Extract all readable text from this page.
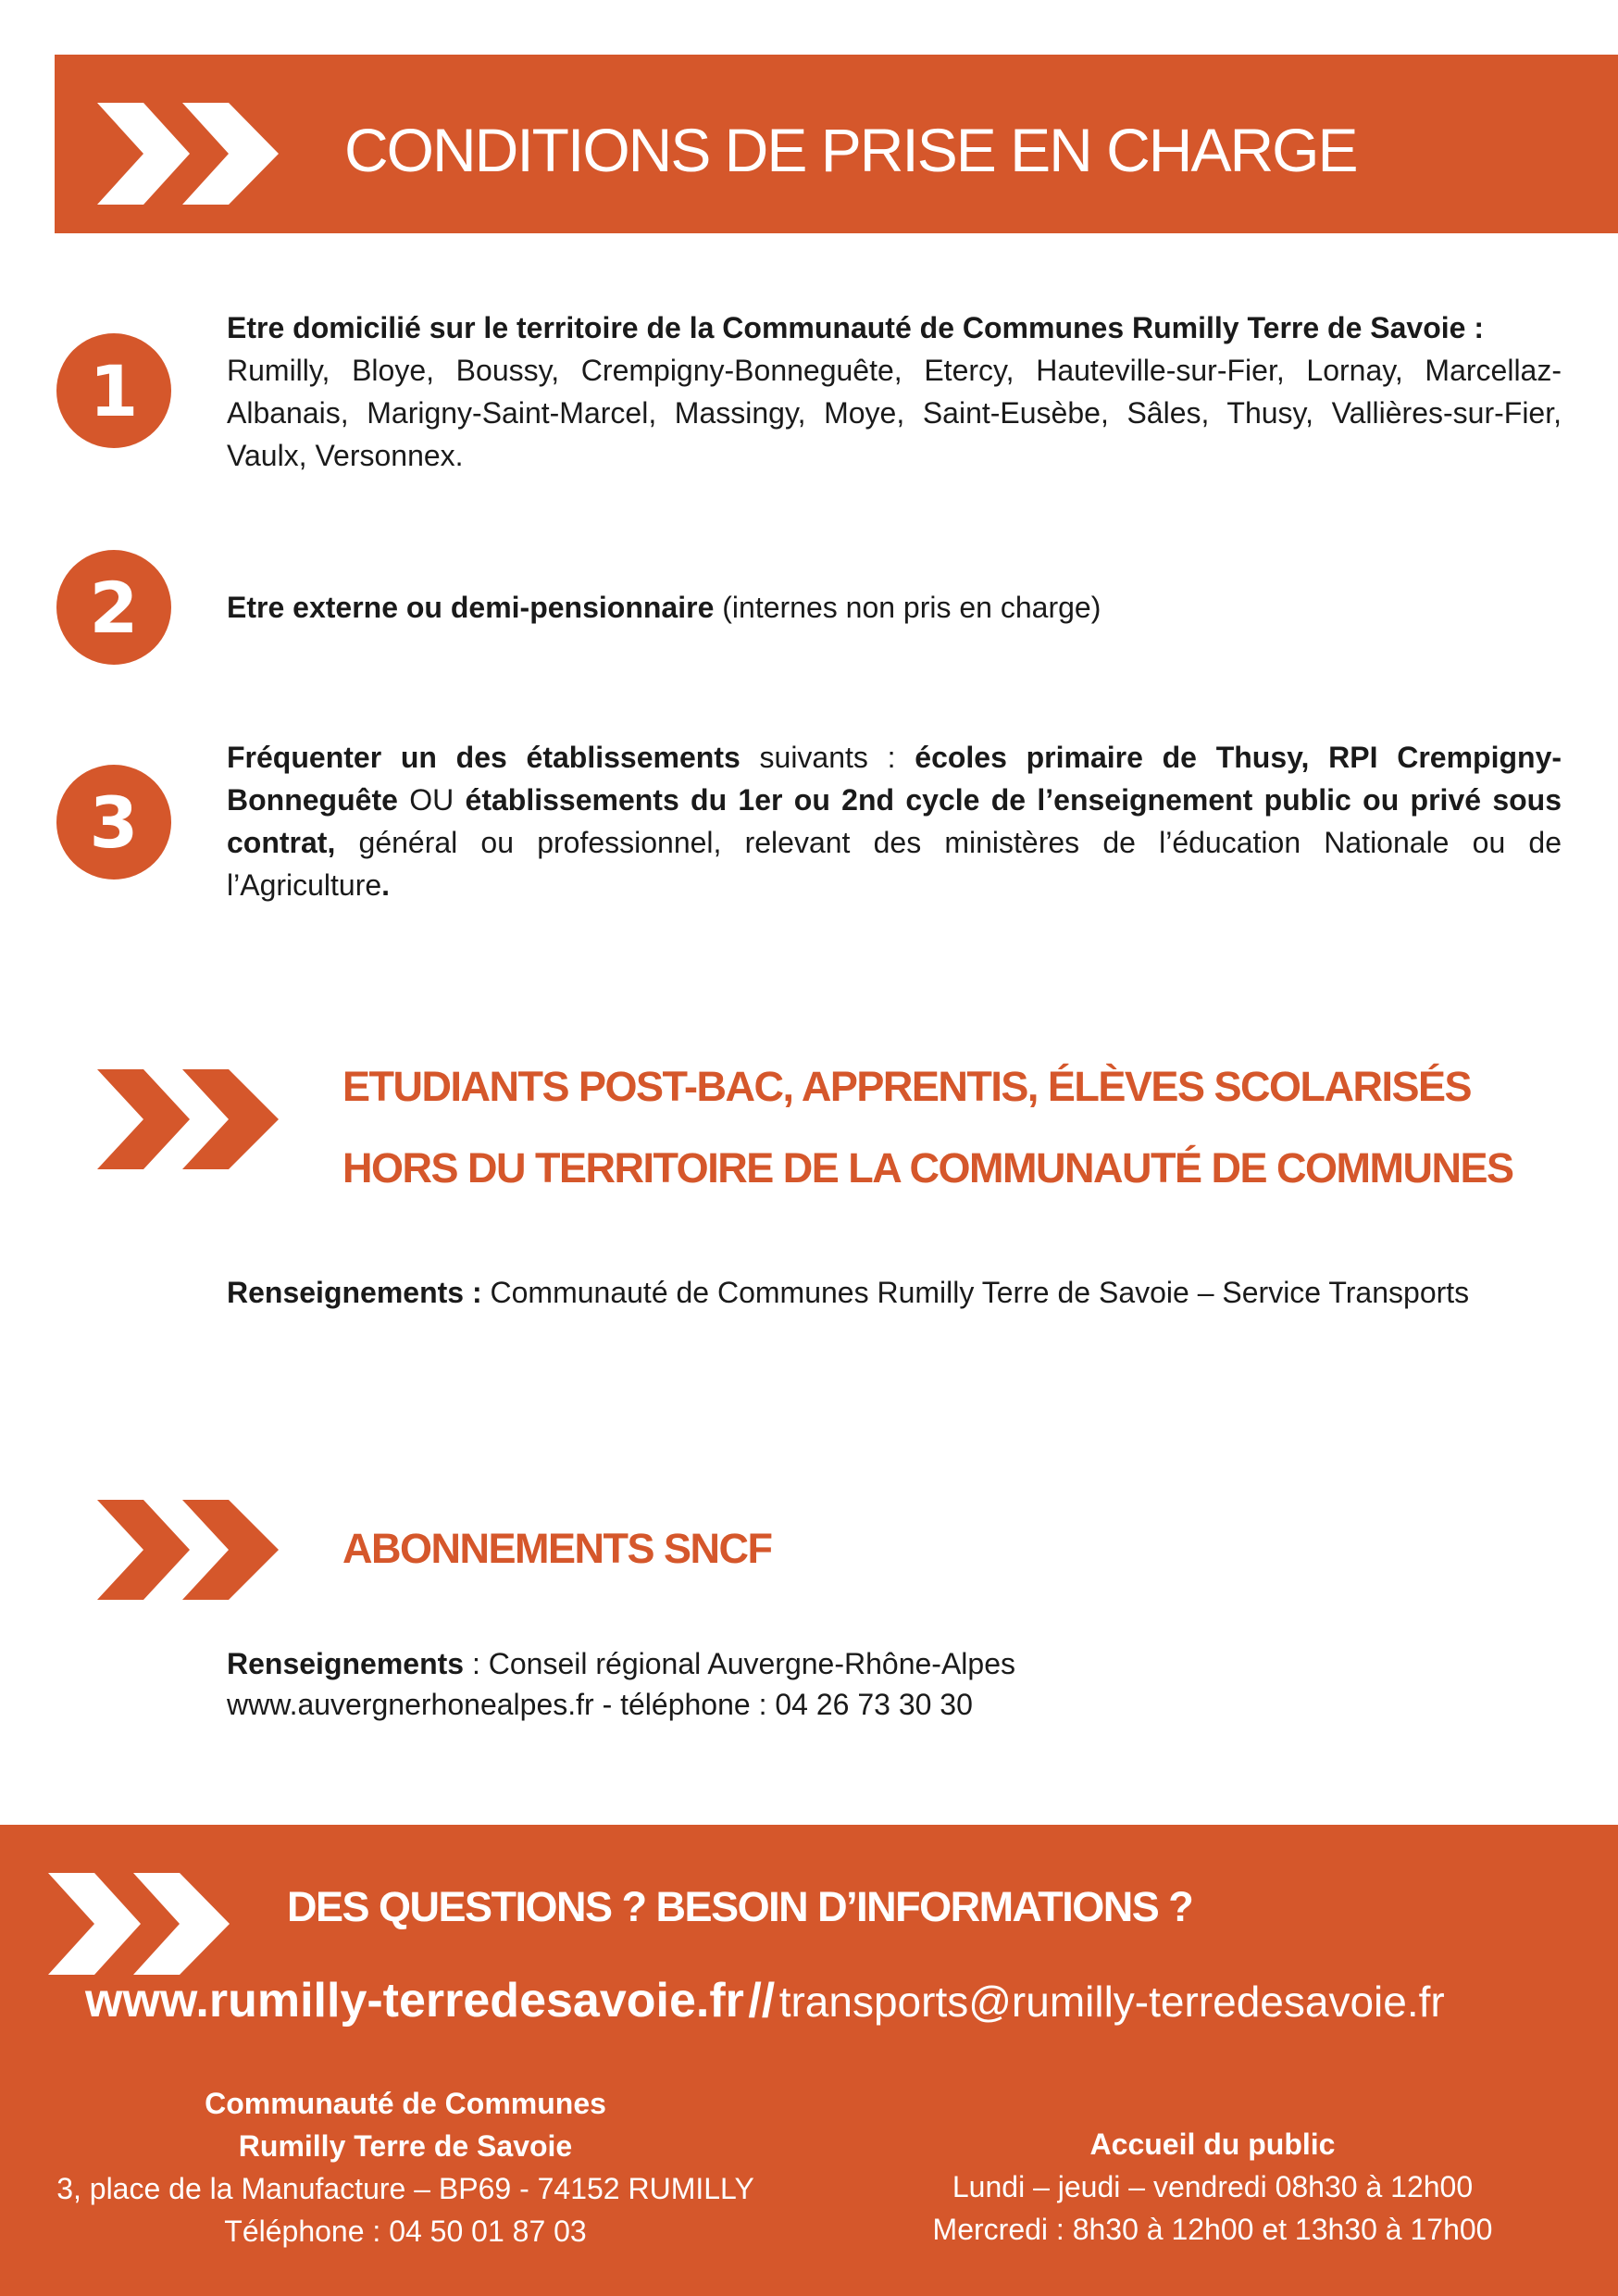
CONDITIONS DE PRISE EN CHARGE
1
Etre domicilié sur le territoire de la Communauté de Communes Rumilly Terre de Savoie :
Rumilly, Bloye, Boussy, Crempigny-Bonneguête, Etercy, Hauteville-sur-Fier, Lornay, Marcellaz-Albanais, Marigny-Saint-Marcel, Massingy, Moye, Saint-Eusèbe, Sâles, Thusy, Vallières-sur-Fier, Vaulx, Versonnex.
2	Etre externe ou demi-pensionnaire (internes non pris en charge)
3
Fréquenter un des établissements suivants : écoles primaire de Thusy, RPI Crempigny-Bonneguête OU établissements du 1er ou 2nd cycle de l’enseignement public ou privé sous contrat, général ou professionnel, relevant des ministères de l’éducation Nationale ou de l’Agriculture.
ETUDIANTS POST-BAC, APPRENTIS, ÉLÈVES SCOLARISÉS
HORS DU TERRITOIRE DE LA COMMUNAUTÉ DE COMMUNES
Renseignements : Communauté de Communes Rumilly Terre de Savoie – Service Transports
ABONNEMENTS SNCF
Renseignements : Conseil régional Auvergne-Rhône-Alpes
www.auvergnerhonealpes.fr - téléphone : 04 26 73 30 30
DES QUESTIONS ? BESOIN D’INFORMATIONS ?
www.rumilly-terredesavoie.fr // transports@rumilly-terredesavoie.fr
Communauté de Communes
Rumilly Terre de Savoie
3, place de la Manufacture – BP69 - 74152 RUMILLY
Téléphone : 04 50 01 87 03
Accueil du public
Lundi – jeudi – vendredi 08h30 à 12h00
Mercredi : 8h30 à 12h00 et 13h30 à 17h00
